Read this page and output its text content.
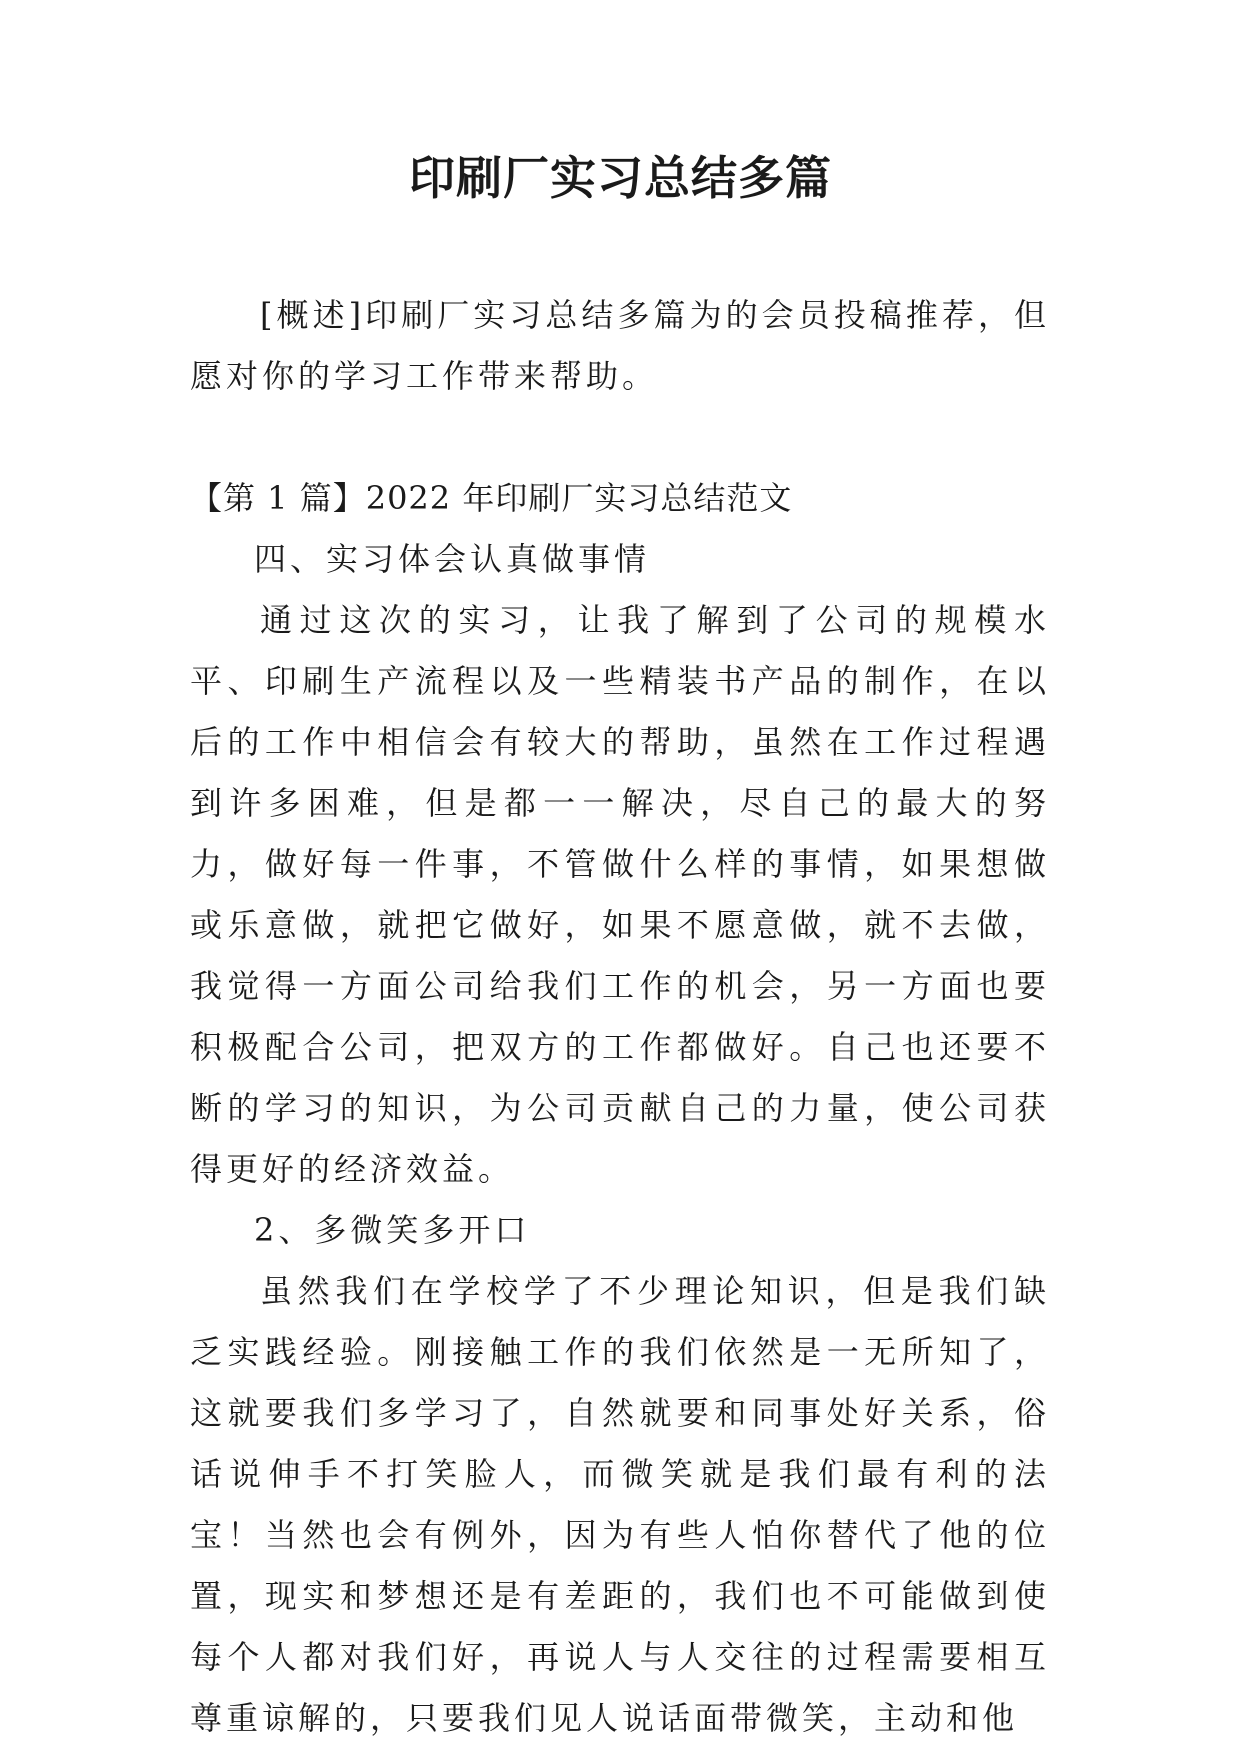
印刷厂实习总结多篇

[概述]印刷厂实习总结多篇为的会员投稿推荐，但愿对你的学习工作带来帮助。

【第 1 篇】2022 年印刷厂实习总结范文

四、实习体会认真做事情

通过这次的实习，让我了解到了公司的规模水平、印刷生产流程以及一些精装书产品的制作，在以后的工作中相信会有较大的帮助，虽然在工作过程遇到许多困难，但是都一一解决，尽自己的最大的努力，做好每一件事，不管做什么样的事情，如果想做或乐意做，就把它做好，如果不愿意做，就不去做，我觉得一方面公司给我们工作的机会，另一方面也要积极配合公司，把双方的工作都做好。自己也还要不断的学习的知识，为公司贡献自己的力量，使公司获得更好的经济效益。

2、多微笑多开口

虽然我们在学校学了不少理论知识，但是我们缺乏实践经验。刚接触工作的我们依然是一无所知了，这就要我们多学习了，自然就要和同事处好关系，俗话说伸手不打笑脸人，而微笑就是我们最有利的法宝！当然也会有例外，因为有些人怕你替代了他的位置，现实和梦想还是有差距的，我们也不可能做到使每个人都对我们好，再说人与人交往的过程需要相互尊重谅解的，只要我们见人说话面带微笑，主动和他
